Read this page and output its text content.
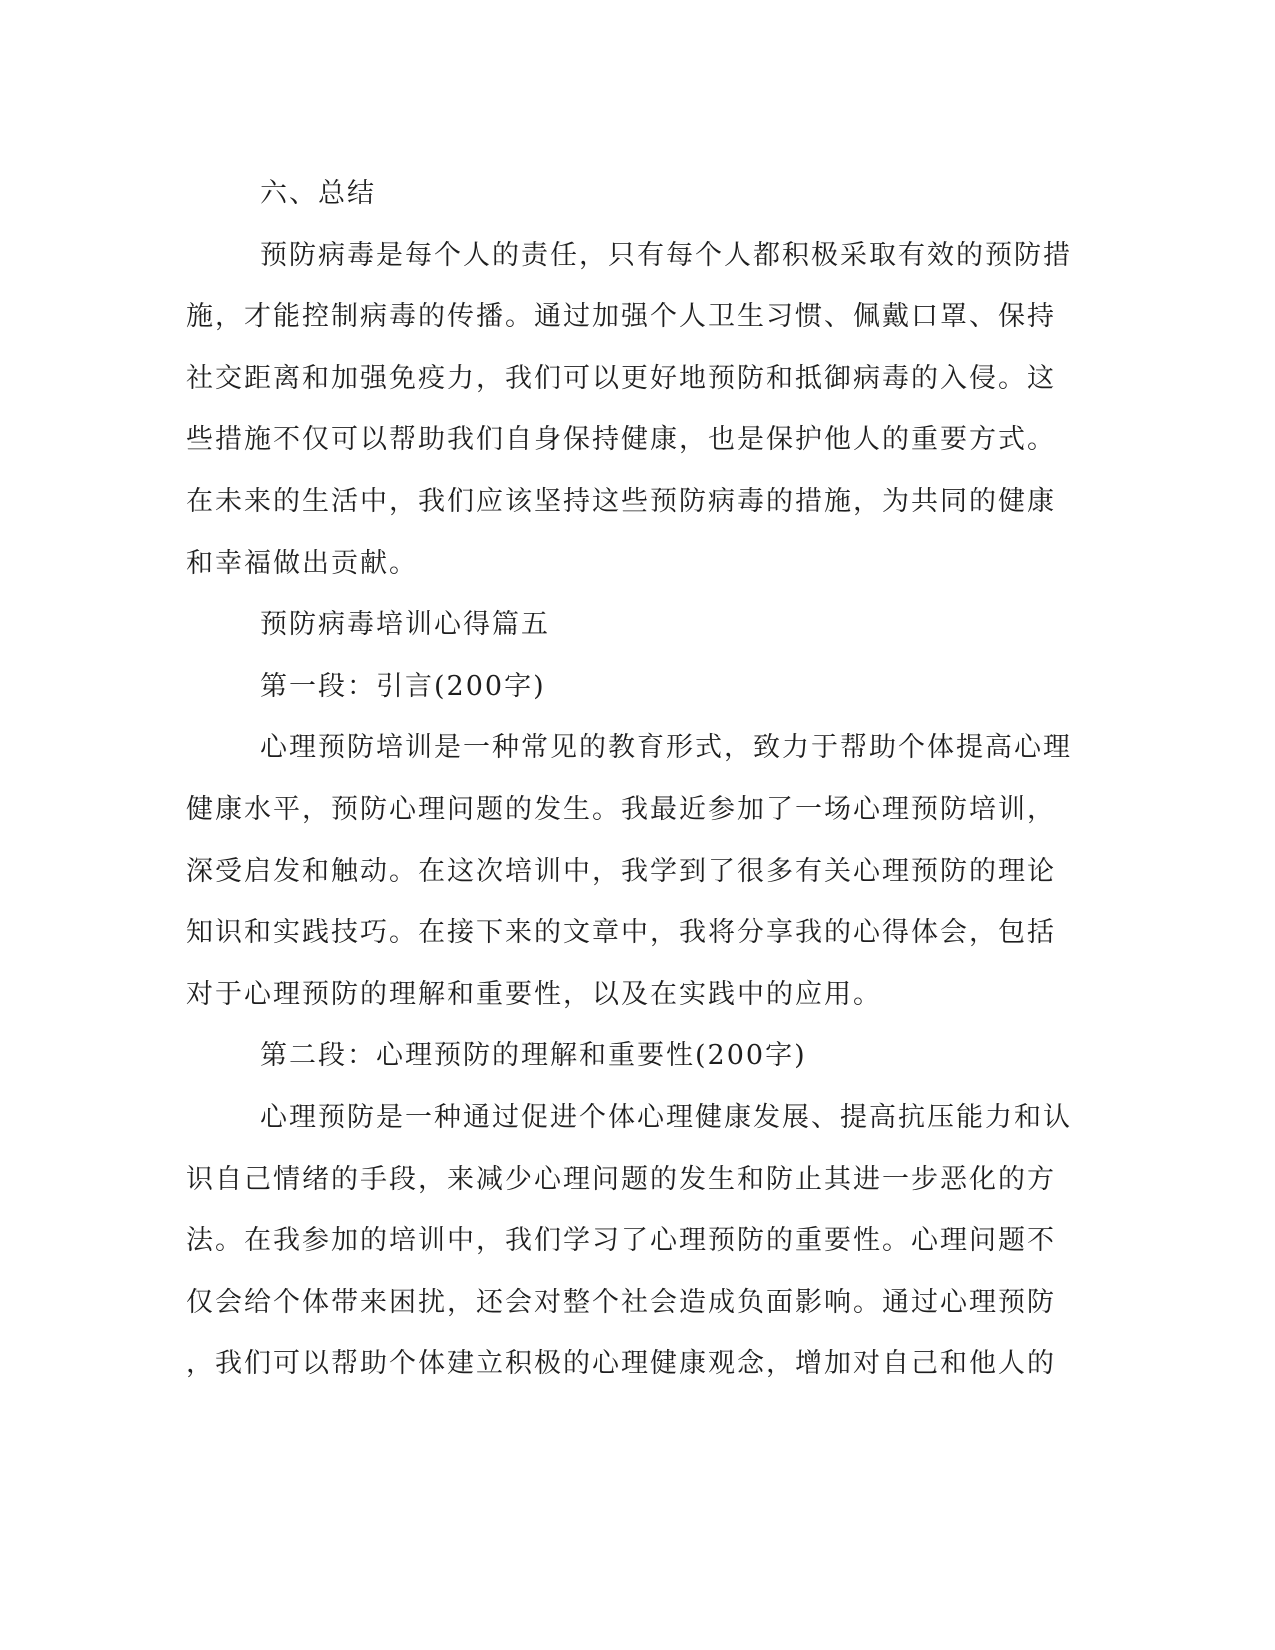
六、总结
预防病毒是每个人的责任，只有每个人都积极采取有效的预防措
施，才能控制病毒的传播。通过加强个人卫生习惯、佩戴口罩、保持
社交距离和加强免疫力，我们可以更好地预防和抵御病毒的入侵。这
些措施不仅可以帮助我们自身保持健康，也是保护他人的重要方式。
在未来的生活中，我们应该坚持这些预防病毒的措施，为共同的健康
和幸福做出贡献。
预防病毒培训心得篇五
第一段：引言(200字)
心理预防培训是一种常见的教育形式，致力于帮助个体提高心理
健康水平，预防心理问题的发生。我最近参加了一场心理预防培训，
深受启发和触动。在这次培训中，我学到了很多有关心理预防的理论
知识和实践技巧。在接下来的文章中，我将分享我的心得体会，包括
对于心理预防的理解和重要性，以及在实践中的应用。
第二段：心理预防的理解和重要性(200字)
心理预防是一种通过促进个体心理健康发展、提高抗压能力和认
识自己情绪的手段，来减少心理问题的发生和防止其进一步恶化的方
法。在我参加的培训中，我们学习了心理预防的重要性。心理问题不
仅会给个体带来困扰，还会对整个社会造成负面影响。通过心理预防
，我们可以帮助个体建立积极的心理健康观念，增加对自己和他人的
